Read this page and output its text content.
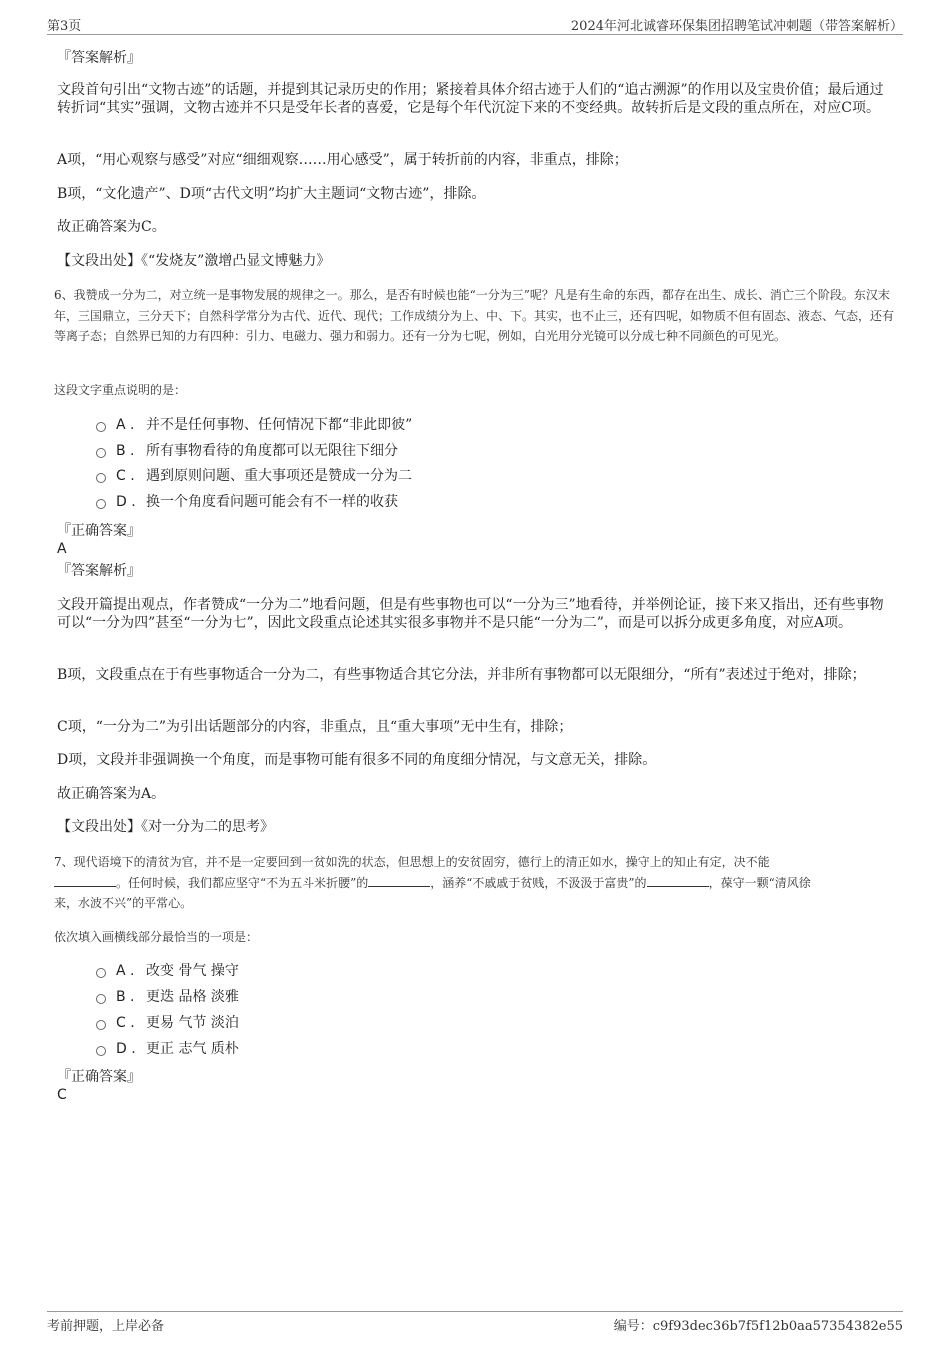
第3页	2024年河北诚睿环保集团招聘笔试冲刺题（带答案解析）
『答案解析』
文段首句引出“文物古迹”的话题，并提到其记录历史的作用；紧接着具体介绍古迹于人们的“追古溯源”的作用以及宝贵价值；最后通过转折词“其实”强调，文物古迹并不只是受年长者的喜爱，它是每个年代沉淀下来的不变经典。故转折后是文段的重点所在，对应C项。
A项，“用心观察与感受”对应“细细观察……用心感受”，属于转折前的内容，非重点，排除；
B项，“文化遗产”、D项“古代文明”均扩大主题词“文物古迹”，排除。
故正确答案为C。
【文段出处】《“发烧友”激增凸显文博魅力》
6、我赞成一分为二，对立统一是事物发展的规律之一。那么，是否有时候也能“一分为三”呢？凡是有生命的东西，都存在出生、成长、消亡三个阶段。东汉末年，三国鼎立，三分天下；自然科学常分为古代、近代、现代；工作成绩分为上、中、下。其实，也不止三，还有四呢，如物质不但有固态、液态、气态，还有等离子态；自然界已知的力有四种：引力、电磁力、强力和弱力。还有一分为七呢，例如，白光用分光镜可以分成七种不同颜色的可见光。
这段文字重点说明的是：
A . 并不是任何事物、任何情况下都“非此即彼”
B . 所有事物看待的角度都可以无限往下细分
C . 遇到原则问题、重大事项还是赞成一分为二
D . 换一个角度看问题可能会有不一样的收获
『正确答案』
A
『答案解析』
文段开篇提出观点，作者赞成“一分为二”地看问题，但是有些事物也可以“一分为三”地看待，并举例论证，接下来又指出，还有些事物可以“一分为四”甚至“一分为七”，因此文段重点论述其实很多事物并不是只能“一分为二”，而是可以拆分成更多角度，对应A项。
B项，文段重点在于有些事物适合一分为二，有些事物适合其它分法，并非所有事物都可以无限细分，“所有”表述过于绝对，排除；
C项，“一分为二”为引出话题部分的内容，非重点，且“重大事项”无中生有，排除；
D项，文段并非强调换一个角度，而是事物可能有很多不同的角度细分情况，与文意无关，排除。
故正确答案为A。
【文段出处】《对一分为二的思考》
7、现代语境下的清贫为官，并不是一定要回到一贫如洗的状态，但思想上的安贫固穷，德行上的清正如水，操守上的知止有定，决不能
。任何时候，我们都应坚守“不为五斗米折腰”的	，涵养“不戚戚于贫贱，不汲汲于富贵”的	，葆守一颗“清风徐
来，水波不兴”的平常心。
依次填入画横线部分最恰当的一项是：
A . 改变 骨气 操守
B . 更迭 品格 淡雅
C . 更易 气节 淡泊
D . 更正 志气 质朴
『正确答案』
C
考前押题，上岸必备	编号：c9f93dec36b7f5f12b0aa57354382e55
